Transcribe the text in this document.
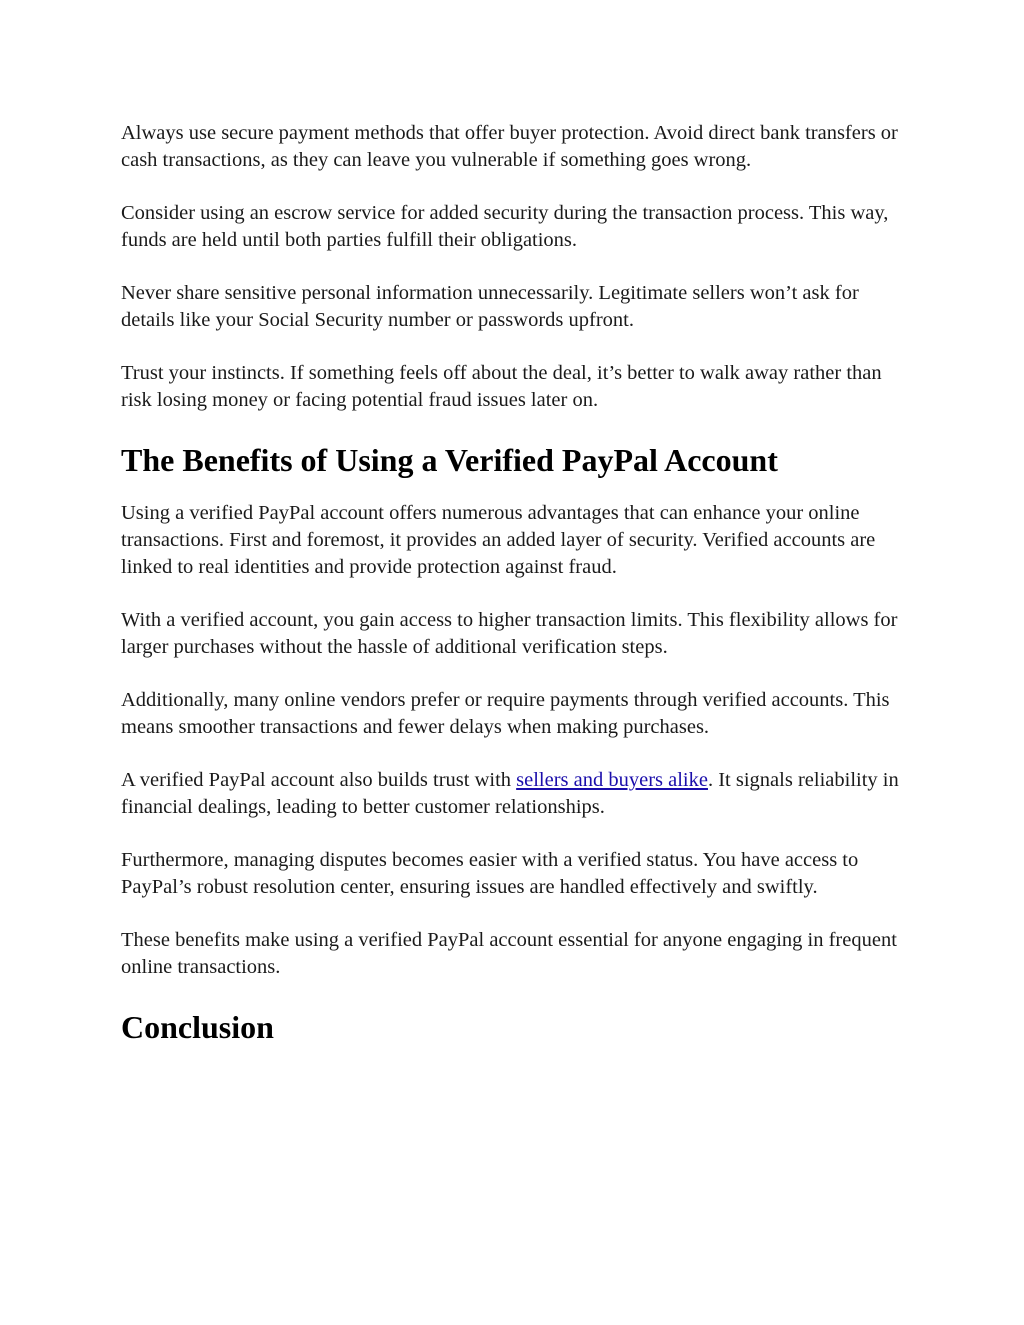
Always use secure payment methods that offer buyer protection. Avoid direct bank transfers or cash transactions, as they can leave you vulnerable if something goes wrong.

Consider using an escrow service for added security during the transaction process. This way, funds are held until both parties fulfill their obligations.

Never share sensitive personal information unnecessarily. Legitimate sellers won’t ask for details like your Social Security number or passwords upfront.

Trust your instincts. If something feels off about the deal, it’s better to walk away rather than risk losing money or facing potential fraud issues later on.

The Benefits of Using a Verified PayPal Account

Using a verified PayPal account offers numerous advantages that can enhance your online transactions. First and foremost, it provides an added layer of security. Verified accounts are linked to real identities and provide protection against fraud.

With a verified account, you gain access to higher transaction limits. This flexibility allows for larger purchases without the hassle of additional verification steps.

Additionally, many online vendors prefer or require payments through verified accounts. This means smoother transactions and fewer delays when making purchases.

A verified PayPal account also builds trust with sellers and buyers alike. It signals reliability in financial dealings, leading to better customer relationships.

Furthermore, managing disputes becomes easier with a verified status. You have access to PayPal’s robust resolution center, ensuring issues are handled effectively and swiftly.

These benefits make using a verified PayPal account essential for anyone engaging in frequent online transactions.

Conclusion
